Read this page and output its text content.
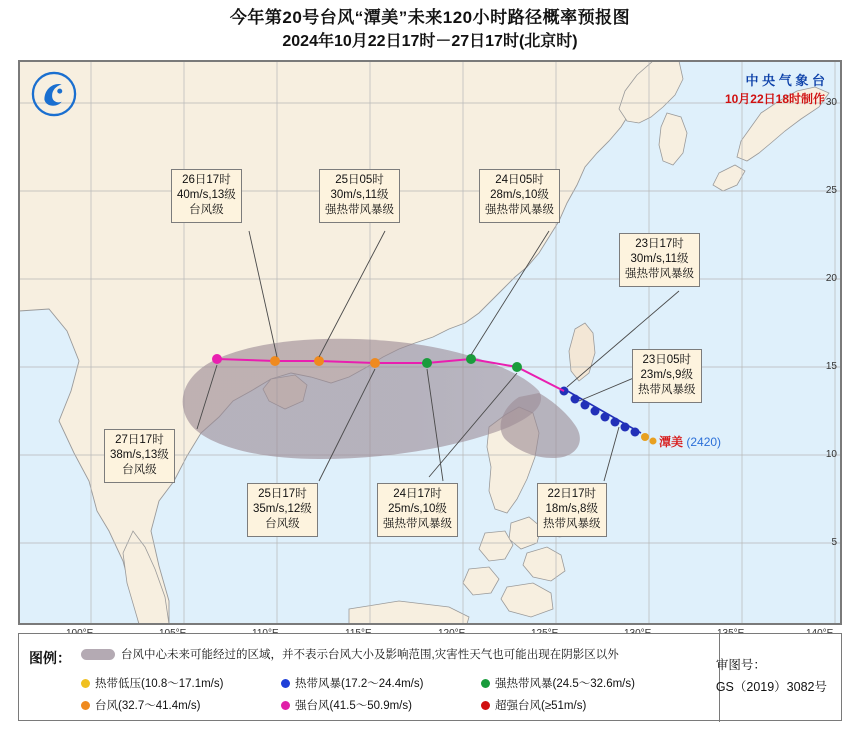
今年第20号台风“潭美”未来120小时路径概率预报图
2024年10月22日17时－27日17时(北京时)
中 央 气 象 台
10月22日18时制作
26日17时
40m/s,13级
台风级
25日05时
30m/s,11级
强热带风暴级
24日05时
28m/s,10级
强热带风暴级
23日17时
30m/s,11级
强热带风暴级
23日05时
23m/s,9级
热带风暴级
27日17时
38m/s,13级
台风级
25日17时
35m/s,12级
台风级
24日17时
25m/s,10级
强热带风暴级
22日17时
18m/s,8级
热带风暴级
潭美 (2420)
30
25
20
15
10
5
图例：	台风中心未来可能经过的区域，并不表示台风大小及影响范围,灾害性天气也可能出现在阴影区以外
热带低压(10.8～17.1m/s)	热带风暴(17.2～24.4m/s)	强热带风暴(24.5～32.6m/s)
台风(32.7～41.4m/s)	强台风(41.5～50.9m/s)	超强台风(≥51m/s)
审图号：
GS（2019）3082号
